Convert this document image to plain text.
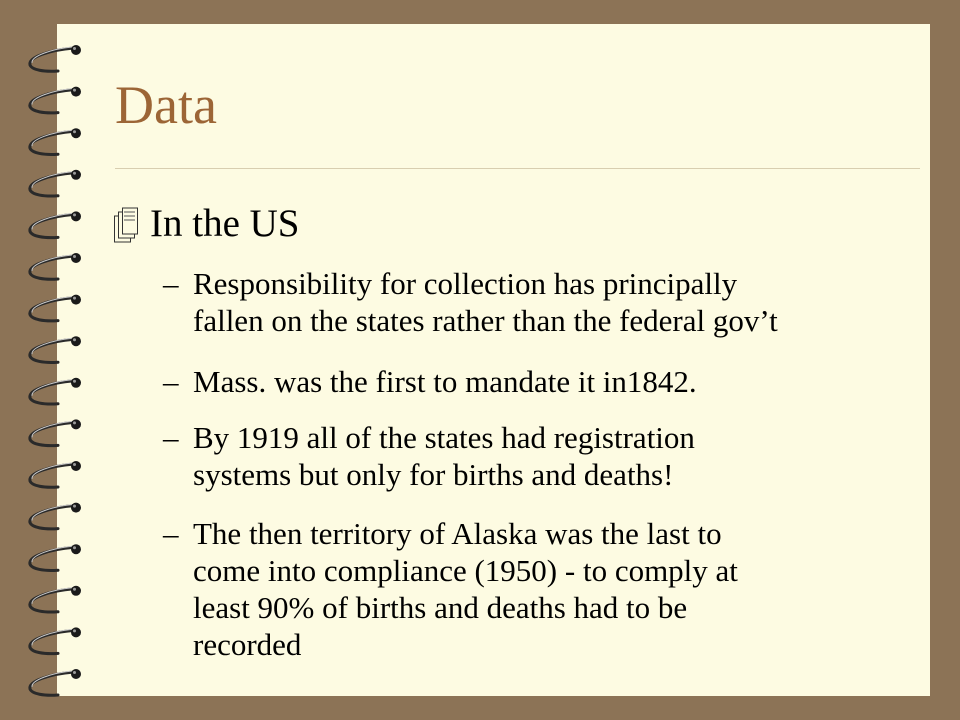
Data
In the US
– Responsibility for collection has principally
fallen on the states rather than the federal gov’t
– Mass. was the first to mandate it in1842.
– By 1919 all of the states had registration
systems but only for births and deaths!
– The then territory of Alaska was the last to
come into compliance (1950) - to comply at
least 90% of births and deaths had to be
recorded
